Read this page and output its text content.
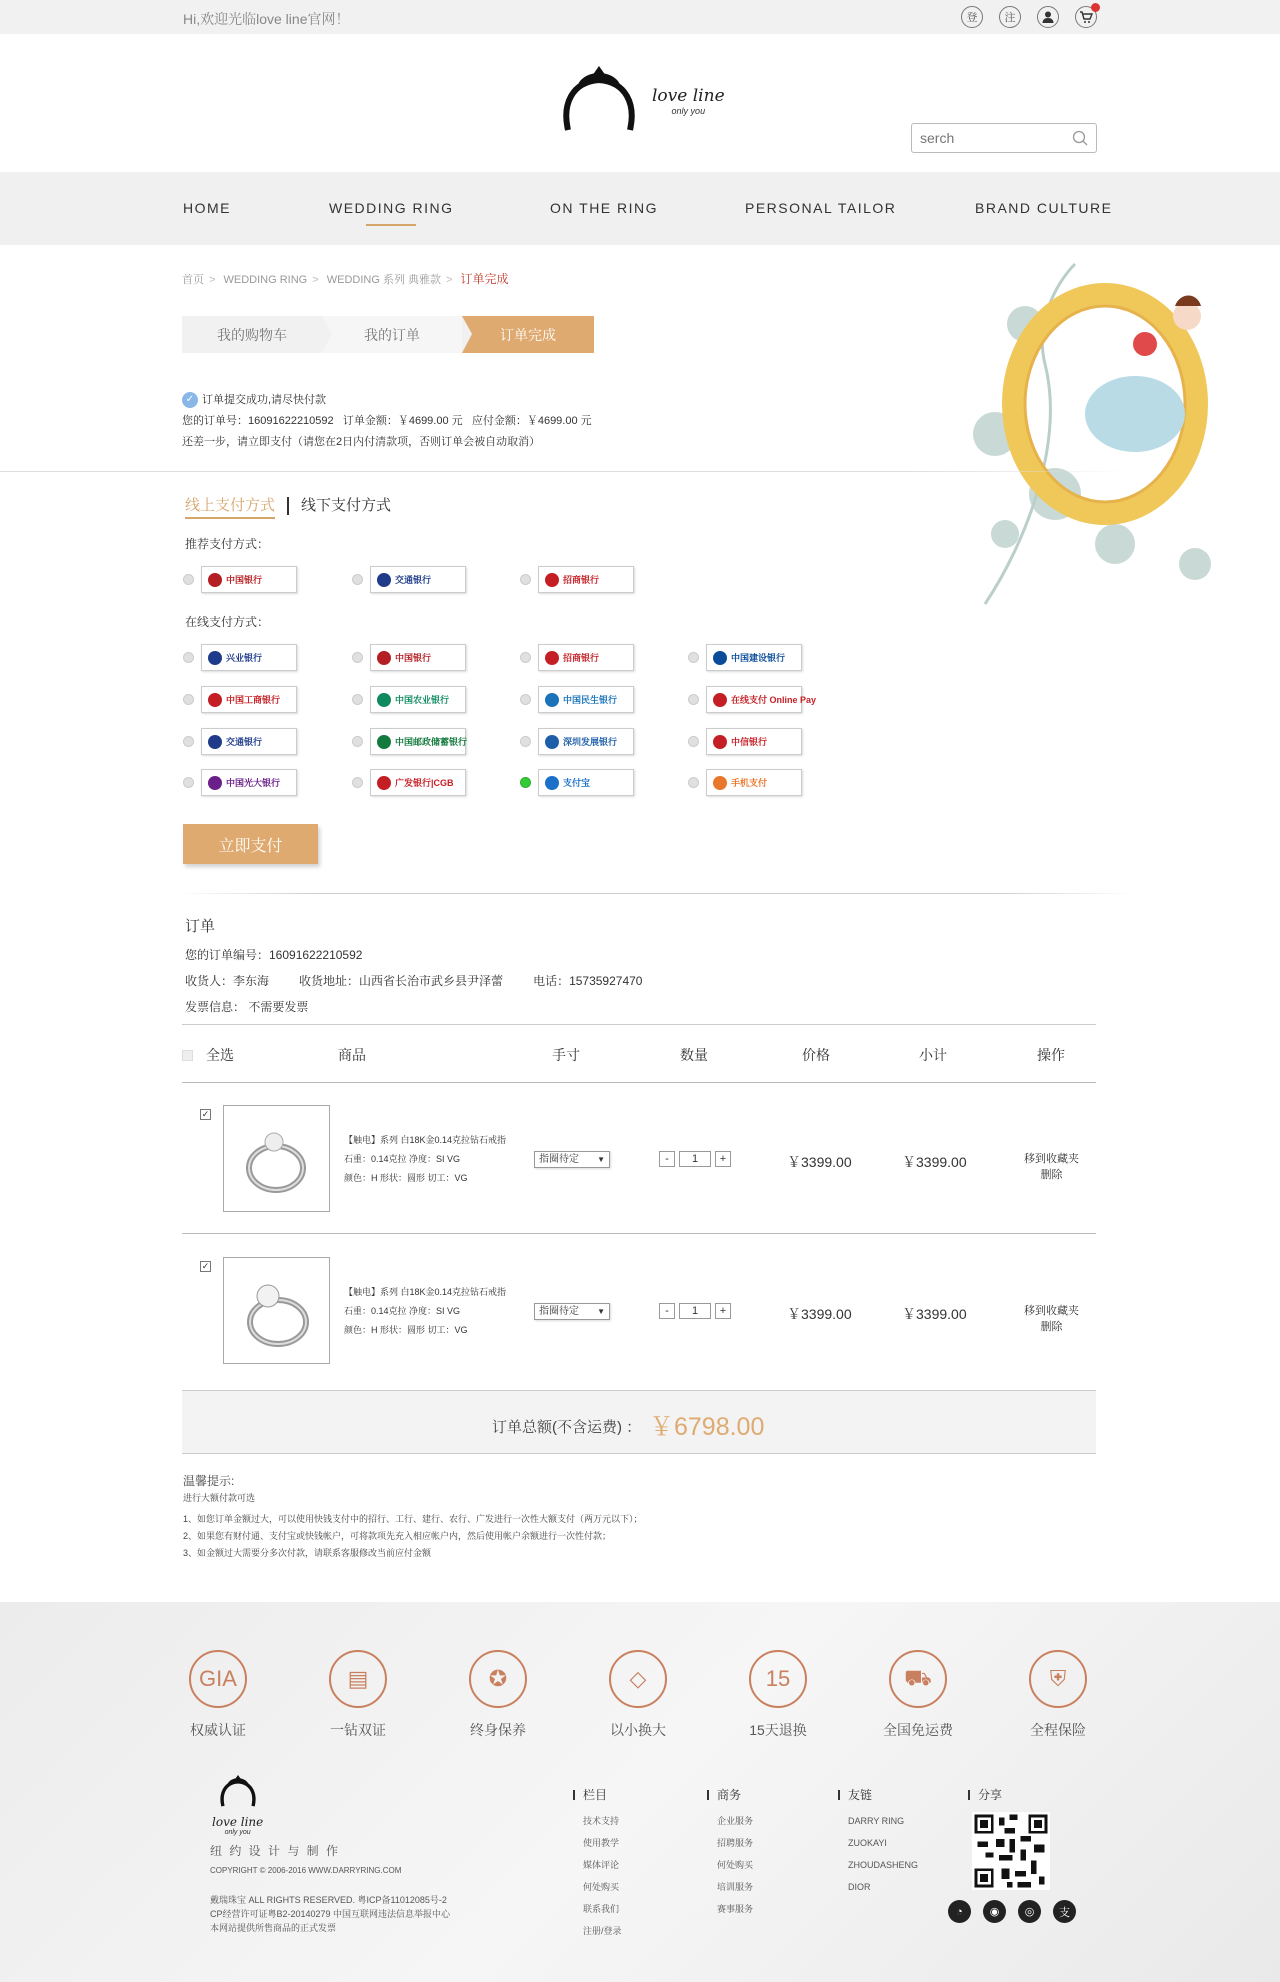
Hi,欢迎光临love line官网！	登	注
love line
only you
serch
HOME	WEDDING RING	ON THE RING	PERSONAL TAILOR	BRAND CULTURE
首页 > WEDDING RING > WEDDING 系列 典雅款 > 订单完成
我的购物车	我的订单	订单完成
✓ 订单提交成功,请尽快付款
您的订单号：16091622210592 订单金额：￥4699.00 元 应付金额：￥4699.00 元
还差一步，请立即支付（请您在2日内付清款项，否则订单会被自动取消）
线上支付方式 线下支付方式
推荐支付方式：
中国银行	交通银行	招商银行
在线支付方式：
兴业银行	中国银行	招商银行	中国建设银行
中国工商银行	中国农业银行	中国民生银行	在线支付 Online Pay
交通银行	中国邮政储蓄银行	深圳发展银行	中信银行
中国光大银行	广发银行|CGB	支付宝	手机支付
立即支付
订单
您的订单编号：16091622210592
收货人：李东海	收货地址：山西省长治市武乡县尹泽蕾	电话：15735927470
发票信息： 不需要发票
全选	商品	手寸	数量	价格	小计	操作
✓
【触电】系列 白18K金0.14克拉钻石戒指
石重：0.14克拉 净度：SI VG
颜色：H 形状：圆形 切工：VG
指圈待定 ▼	-	1	+	￥3399.00	￥3399.00	移到收藏夹
删除
✓
【触电】系列 白18K金0.14克拉钻石戒指
石重：0.14克拉 净度：SI VG
颜色：H 形状：圆形 切工：VG
指圈待定 ▼	-	1	+	￥3399.00	￥3399.00	移到收藏夹
删除
订单总额(不含运费) ： ￥6798.00
温馨提示:
进行大额付款可选
1、如您订单金额过大，可以使用快钱支付中的招行、工行、建行、农行、广发进行一次性大额支付（两万元以下）；
2、如果您有财付通、支付宝或快钱帐户，可将款项先充入相应帐户内，然后使用帐户余额进行一次性付款；
3、如金额过大需要分多次付款，请联系客服修改当前应付金额
GIA
权威认证
▤
一钻双证
✪
终身保养
◇
以小换大
15
15天退换
⛟
全国免运费
⛨
全程保险
love line
only you
纽 约 设 计 与 制 作
COPYRIGHT © 2006-2016 WWW.DARRYRING.COM
戴瑞珠宝 ALL RIGHTS RESERVED. 粤ICP备11012085号-2
CP经营许可证粤B2-20140279 中国互联网违法信息举报中心
本网站提供所售商品的正式发票
栏目
技术支持
使用教学
媒体评论
何处购买
联系我们
注册/登录
商务
企业服务
招聘服务
何处购买
培训服务
赛事服务
友链
DARRY RING
ZUOKAYI
ZHOUDASHENG
DIOR
分享
◔	◉	◎	支
